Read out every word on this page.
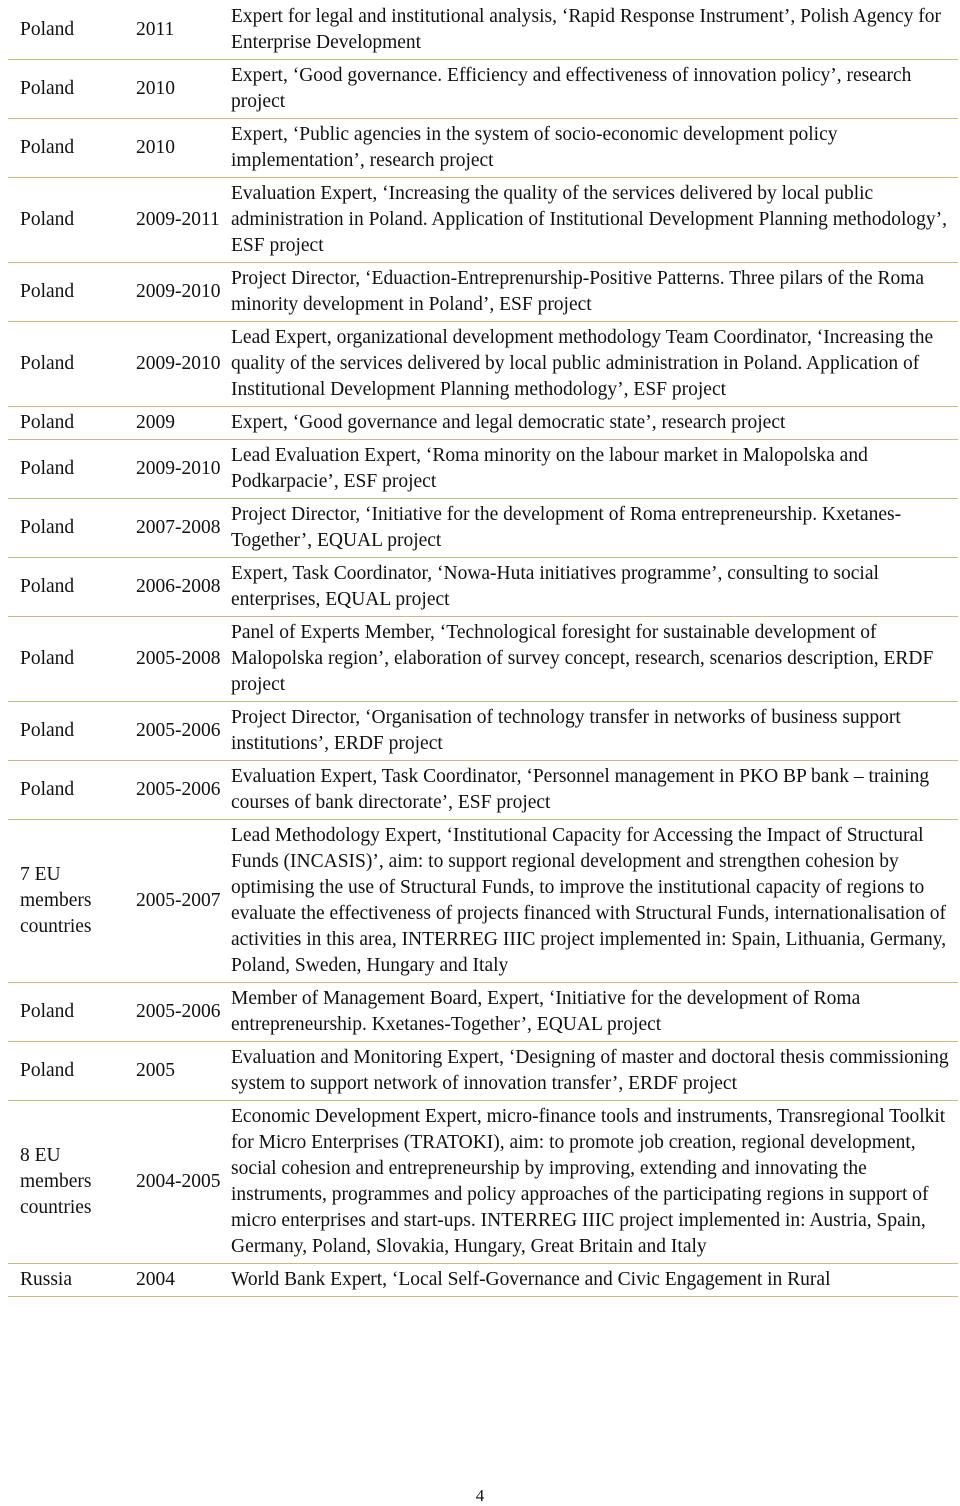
Poland	2011	Expert for legal and institutional analysis, ‘Rapid Response Instrument’, Polish Agency for Enterprise Development
Poland	2010	Expert, ‘Good governance. Efficiency and effectiveness of innovation policy’, research project
Poland	2010	Expert, ‘Public agencies in the system of socio-economic development policy implementation’, research project
Poland	2009-2011	Evaluation Expert, ‘Increasing the quality of the services delivered by local public administration in Poland. Application of Institutional Development Planning methodology’, ESF project
Poland	2009-2010	Project Director, ‘Eduaction-Entreprenurship-Positive Patterns. Three pilars of the Roma minority development in Poland’, ESF project
Poland	2009-2010	Lead Expert, organizational development methodology Team Coordinator, ‘Increasing the quality of the services delivered by local public administration in Poland. Application of Institutional Development Planning methodology’, ESF project
Poland	2009	Expert, ‘Good governance and legal democratic state’, research project
Poland	2009-2010	Lead Evaluation Expert, ‘Roma minority on the labour market in Malopolska and Podkarpacie’, ESF project
Poland	2007-2008	Project Director, ‘Initiative for the development of Roma entrepreneurship. Kxetanes-Together’, EQUAL project
Poland	2006-2008	Expert, Task Coordinator, ‘Nowa-Huta initiatives programme’, consulting to social enterprises, EQUAL project
Poland	2005-2008	Panel of Experts Member, ‘Technological foresight for sustainable development of Malopolska region’, elaboration of survey concept, research, scenarios description, ERDF project
Poland	2005-2006	Project Director, ‘Organisation of technology transfer in networks of business support institutions’, ERDF project
Poland	2005-2006	Evaluation Expert, Task Coordinator, ‘Personnel management in PKO BP bank – training courses of bank directorate’, ESF project
7 EU members countries	2005-2007	Lead Methodology Expert, ‘Institutional Capacity for Accessing the Impact of Structural Funds (INCASIS)’, aim: to support regional development and strengthen cohesion by optimising the use of Structural Funds, to improve the institutional capacity of regions to evaluate the effectiveness of projects financed with Structural Funds, internationalisation of activities in this area, INTERREG IIIC project implemented in: Spain, Lithuania, Germany, Poland, Sweden, Hungary and Italy
Poland	2005-2006	Member of Management Board, Expert, ‘Initiative for the development of Roma entrepreneurship. Kxetanes-Together’, EQUAL project
Poland	2005	Evaluation and Monitoring Expert, ‘Designing of master and doctoral thesis commissioning system to support network of innovation transfer’, ERDF project
8 EU members countries	2004-2005	Economic Development Expert, micro-finance tools and instruments, Transregional Toolkit for Micro Enterprises (TRATOKI), aim: to promote job creation, regional development, social cohesion and entrepreneurship by improving, extending and innovating the instruments, programmes and policy approaches of the participating regions in support of micro enterprises and start-ups. INTERREG IIIC project implemented in: Austria, Spain, Germany, Poland, Slovakia, Hungary, Great Britain and Italy
Russia	2004	World Bank Expert, ‘Local Self-Governance and Civic Engagement in Rural
4
